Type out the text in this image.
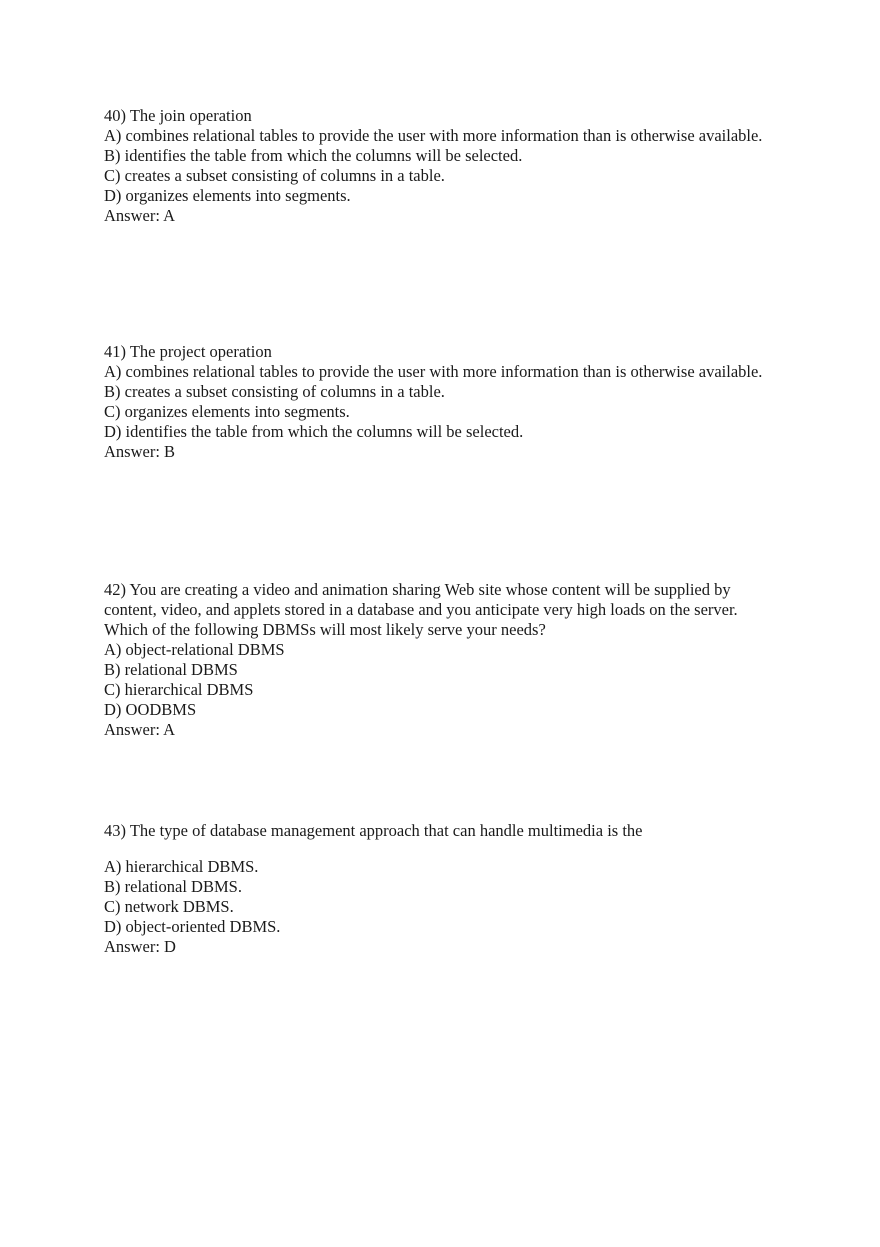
40) The join operation
A) combines relational tables to provide the user with more information than is otherwise available.
B) identifies the table from which the columns will be selected.
C) creates a subset consisting of columns in a table.
D) organizes elements into segments.
Answer: A
41) The project operation
A) combines relational tables to provide the user with more information than is otherwise available.
B) creates a subset consisting of columns in a table.
C) organizes elements into segments.
D) identifies the table from which the columns will be selected.
Answer: B
42) You are creating a video and animation sharing Web site whose content will be supplied by content, video, and applets stored in a database and you anticipate very high loads on the server. Which of the following DBMSs will most likely serve your needs?
A) object-relational DBMS
B) relational DBMS
C) hierarchical DBMS
D) OODBMS
Answer: A
43) The type of database management approach that can handle multimedia is the
A) hierarchical DBMS.
B) relational DBMS.
C) network DBMS.
D) object-oriented DBMS.
Answer: D
